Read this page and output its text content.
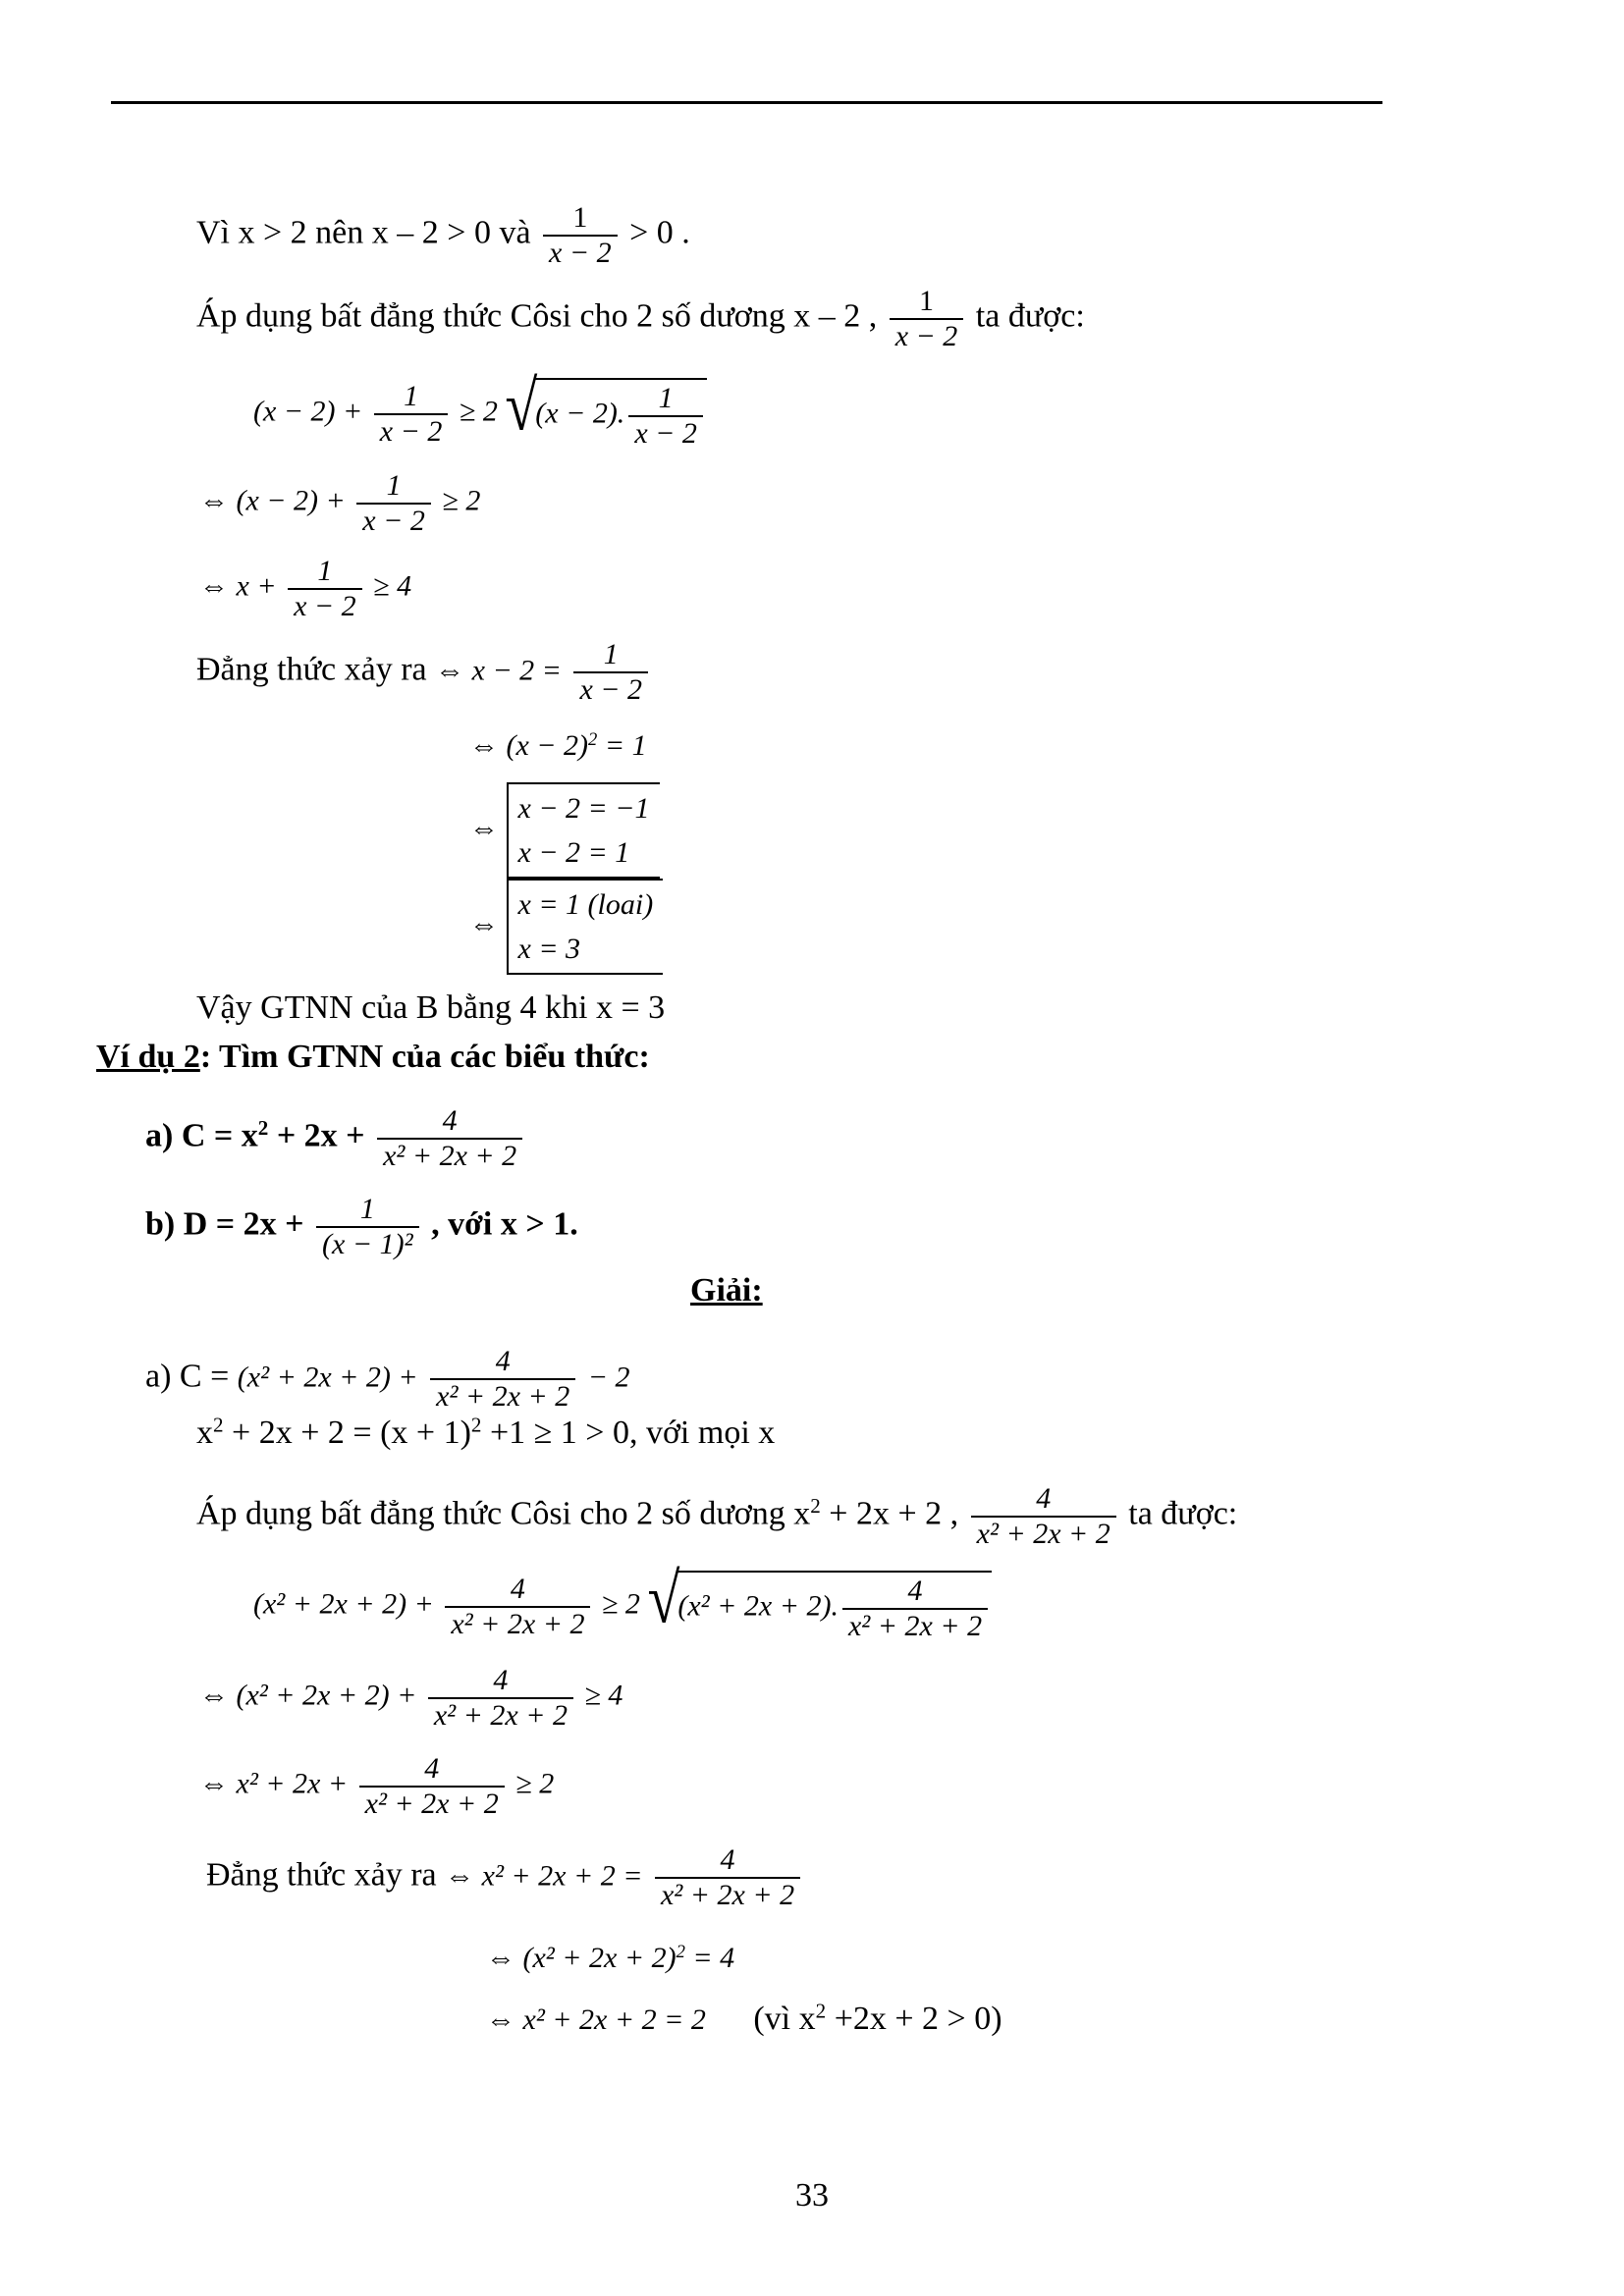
Vì x > 2 nên x – 2 > 0 và $\frac{1}{x - 2} > 0$ .
Áp dụng bất đẳng thức Côsi cho 2 số dương x – 2 , $\frac{1}{x - 2}$ ta được:
$(x - 2) + \frac{1}{x - 2} \ge 2$ √
(x − 2). $\frac{1}{x - 2}$
⇔ $(x - 2) + \frac{1}{x - 2} \ge 2$
⇔ $x + \frac{1}{x - 2} \ge 4$
Đẳng thức xảy ra ⇔ $x - 2 = \frac{1}{x - 2}$
⇔ $(x - 2)^2 = 1$
⇔
x − 2 = −1
x − 2 = 1
⇔
x = 1 (loai)
x = 3
Vậy GTNN của B bằng 4 khi x = 3
Ví dụ 2: Tìm GTNN của các biểu thức:
a) $C = x^2 + 2x + \frac{4}{\text{x² + 2x + 2}}$
b) $D = 2x + \frac{1}{\text{(x − 1)²}}$ , với x > 1.
Giải:
a) $C = (x^2 + 2x + 2) + \frac{4}{\text{x² + 2x + 2}} - 2$
$x^2 + 2x + 2 = (x + 1)^2 +1 \ge 1 > 0$, với mọi x
Áp dụng bất đẳng thức Côsi cho 2 số dương $x^2 + 2x + 2$ , $\frac{4}{\text{x² + 2x + 2}}$ ta được:
$(x^2 + 2x + 2) + \frac{4}{\text{x² + 2x + 2}} \ge 2$ √
(x² + 2x + 2). $\frac{4}{\text{x² + 2x + 2}}$
⇔ $(x^2 + 2x + 2) + \frac{4}{\text{x² + 2x + 2}} \ge 4$
⇔ $x^2 + 2x + \frac{4}{\text{x² + 2x + 2}} \ge 2$
Đẳng thức xảy ra ⇔ $x^2 + 2x + 2 = \frac{4}{\text{x² + 2x + 2}}$
⇔ $(x^2 + 2x + 2)^2 = 4$
⇔ x² + 2x + 2 = 2 (vì $x^2 +2x + 2 > 0$)
33
